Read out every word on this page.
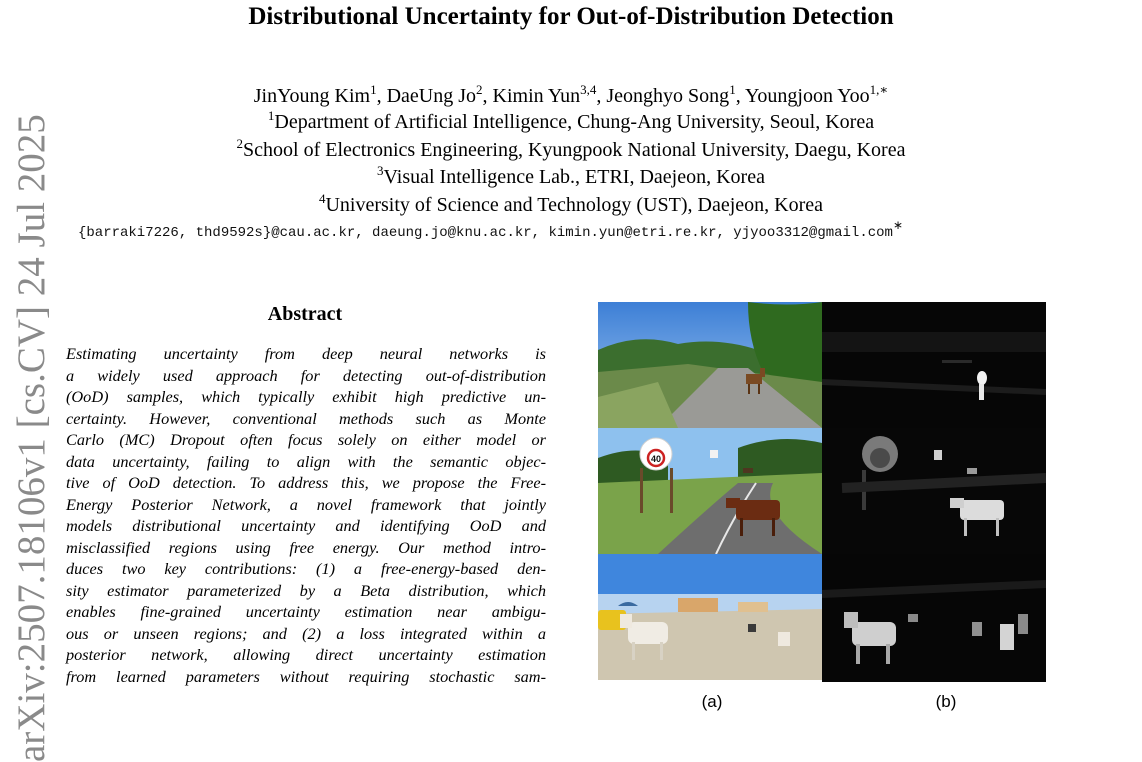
Distributional Uncertainty for Out-of-Distribution Detection
JinYoung Kim$^1$, DaeUng Jo$^2$, Kimin Yun$^{3,4}$, Jeonghyo Song$^1$, Youngjoon Yoo$^{1,∗}$
$^1$Department of Artificial Intelligence, Chung-Ang University, Seoul, Korea
$^2$School of Electronics Engineering, Kyungpook National University, Daegu, Korea
$^3$Visual Intelligence Lab., ETRI, Daejeon, Korea
$^4$University of Science and Technology (UST), Daejeon, Korea
{barraki7226, thd9592s}@cau.ac.kr, daeung.jo@knu.ac.kr, kimin.yun@etri.re.kr, yjyoo3312@gmail.com∗
arXiv:2507.18106v1 [cs.CV] 24 Jul 2025	Abstract

Estimating uncertainty from deep neural networks is
a widely used approach for detecting out-of-distribution
(OoD) samples, which typically exhibit high predictive un-
certainty. However, conventional methods such as Monte
Carlo (MC) Dropout often focus solely on either model or
data uncertainty, failing to align with the semantic objec-
tive of OoD detection. To address this, we propose the Free-
Energy Posterior Network, a novel framework that jointly
models distributional uncertainty and identifying OoD and
misclassified regions using free energy. Our method intro-
duces two key contributions: (1) a free-energy-based den-
sity estimator parameterized by a Beta distribution, which
enables fine-grained uncertainty estimation near ambigu-
ous or unseen regions; and (2) a loss integrated within a
posterior network, allowing direct uncertainty estimation
from learned parameters without requiring stochastic sam-

40
(a)	(b)
